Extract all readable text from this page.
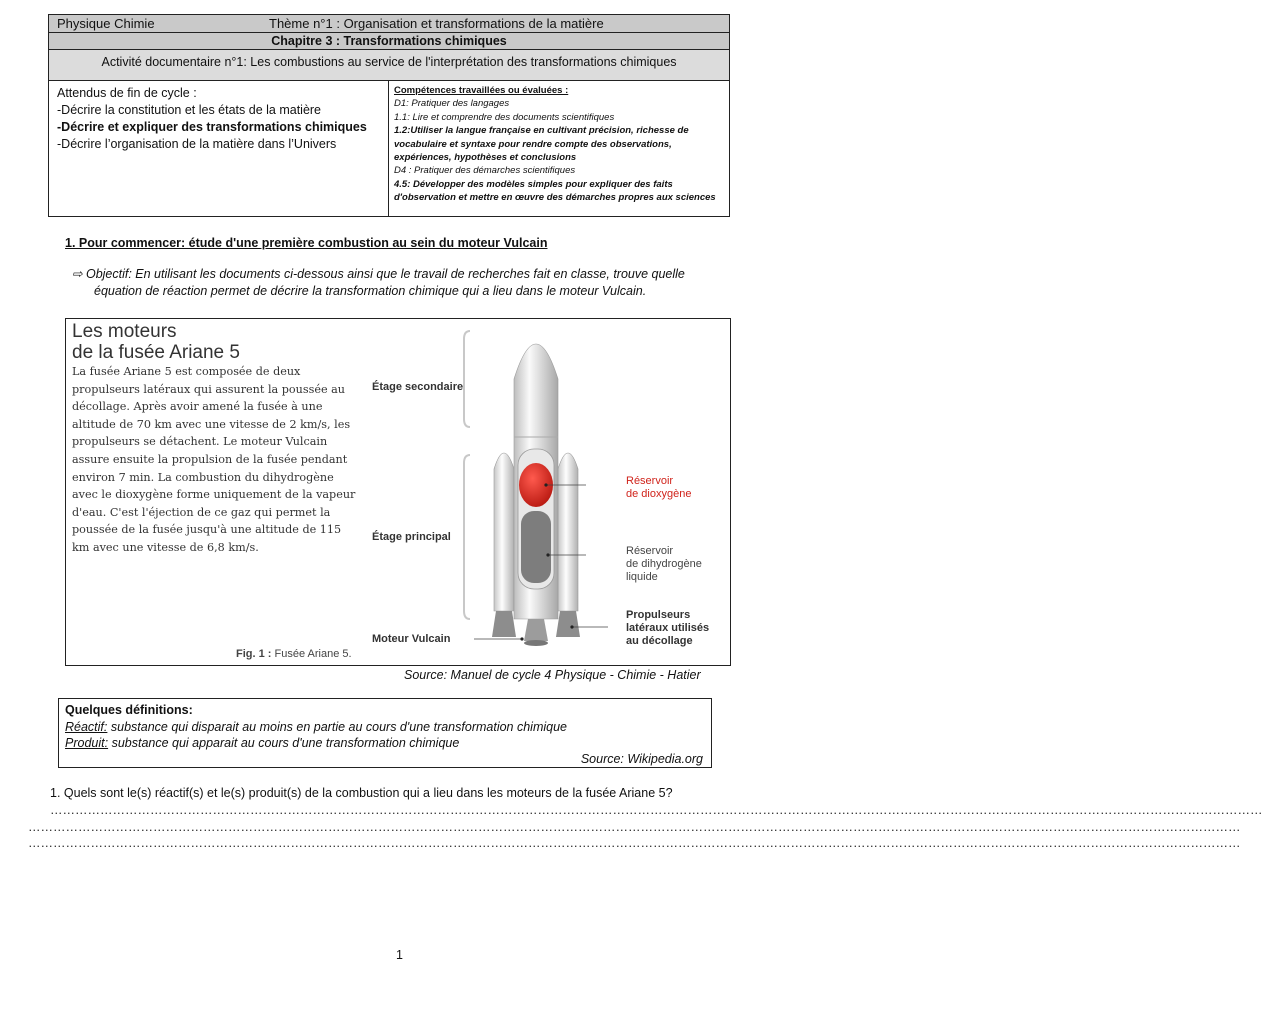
Physique Chimie	Thème n°1 : Organisation et transformations de la matière
Chapitre 3 : Transformations chimiques
Activité documentaire n°1: Les combustions au service de l'interprétation des transformations chimiques
Attendus de fin de cycle :
-Décrire la constitution et les états de la matière
-Décrire et expliquer des transformations chimiques
-Décrire l’organisation de la matière dans l’Univers
Compétences travaillées ou évaluées :
D1: Pratiquer des langages
1.1: Lire et comprendre des documents scientifiques
1.2:Utiliser la langue française en cultivant précision, richesse de vocabulaire et syntaxe pour rendre compte des observations, expériences, hypothèses et conclusions
D4 : Pratiquer des démarches scientifiques
4.5: Développer des modèles simples pour expliquer des faits d'observation et mettre en œuvre des démarches propres aux sciences
1. Pour commencer: étude d'une première combustion au sein du moteur Vulcain
⇨ Objectif: En utilisant les documents ci-dessous ainsi que le travail de recherches fait en classe, trouve quelle
équation de réaction permet de décrire la transformation chimique qui a lieu dans le moteur Vulcain.
Les moteurs
de la fusée Ariane 5
La fusée Ariane 5 est composée de deux propulseurs latéraux qui assurent la poussée au décollage. Après avoir amené la fusée à une altitude de 70 km avec une vitesse de 2 km/s, les propulseurs se détachent. Le moteur Vulcain assure ensuite la propulsion de la fusée pendant environ 7 min. La combustion du dihydrogène avec le dioxygène forme uniquement de la vapeur d'eau. C'est l'éjection de ce gaz qui permet la poussée de la fusée jusqu'à une altitude de 115 km avec une vitesse de 6,8 km/s.
Étage secondaire
Étage principal
Moteur Vulcain
Réservoir
de dioxygène
Réservoir
de dihydrogène
liquide
Propulseurs
latéraux utilisés
au décollage
Fig. 1 : Fusée Ariane 5.
Source: Manuel de cycle 4 Physique - Chimie - Hatier
Quelques définitions:
Réactif: substance qui disparait au moins en partie au cours d'une transformation chimique
Produit: substance qui apparait au cours d'une transformation chimique
Source: Wikipedia.org
1. Quels sont le(s) réactif(s) et le(s) produit(s) de la combustion qui a lieu dans les moteurs de la fusée Ariane 5?
…………………………………………………………………………………………………………………………………………………………………………………………………………………………………………………………………
…………………………………………………………………………………………………………………………………………………………………………………………………………………………………………………………………
…………………………………………………………………………………………………………………………………………………………………………………………………………………………………………………………………
1
